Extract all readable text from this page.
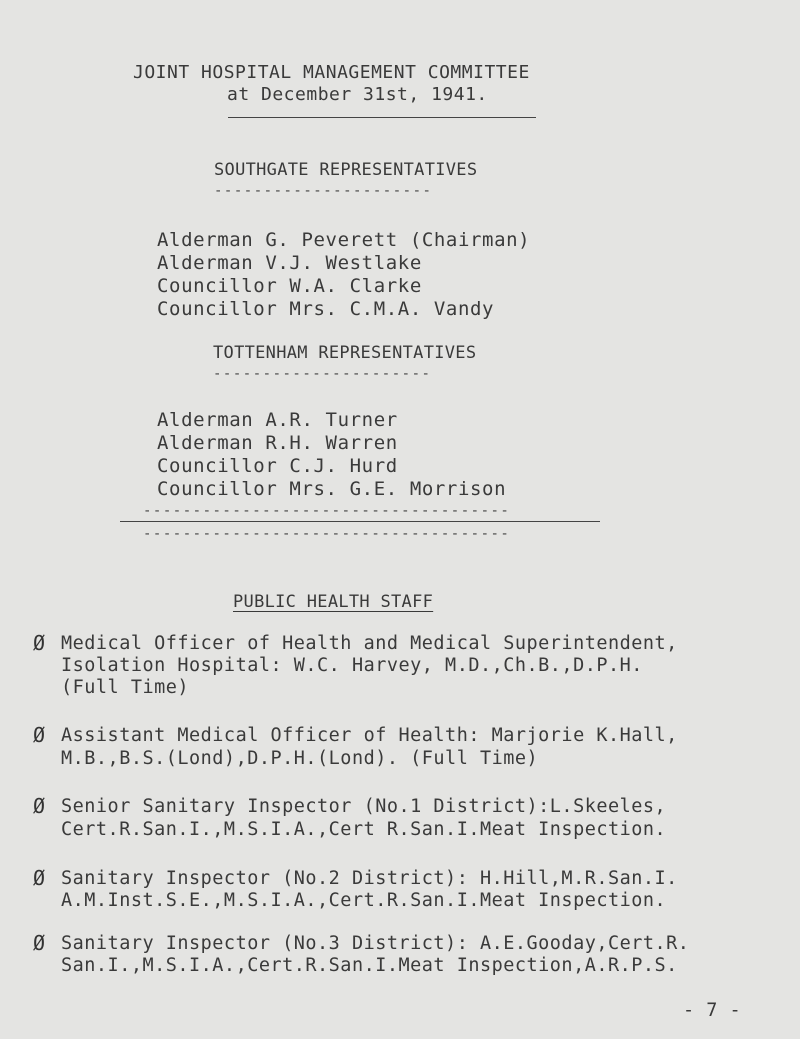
JOINT HOSPITAL MANAGEMENT COMMITTEE
at December 31st, 1941.
SOUTHGATE REPRESENTATIVES
----------------------
Alderman G. Peverett (Chairman)
Alderman V.J. Westlake
Councillor W.A. Clarke
Councillor Mrs. C.M.A. Vandy
TOTTENHAM REPRESENTATIVES
----------------------
Alderman A.R. Turner
Alderman R.H. Warren
Councillor C.J. Hurd
Councillor Mrs. G.E. Morrison
-------------------------------------
-------------------------------------
PUBLIC HEALTH STAFF
Ø Medical Officer of Health and Medical Superintendent,
Isolation Hospital: W.C. Harvey, M.D.,Ch.B.,D.P.H.
(Full Time)
Ø Assistant Medical Officer of Health: Marjorie K.Hall,
M.B.,B.S.(Lond),D.P.H.(Lond). (Full Time)
Ø Senior Sanitary Inspector (No.1 District):L.Skeeles,
Cert.R.San.I.,M.S.I.A.,Cert R.San.I.Meat Inspection.
Ø Sanitary Inspector (No.2 District): H.Hill,M.R.San.I.
A.M.Inst.S.E.,M.S.I.A.,Cert.R.San.I.Meat Inspection.
Ø Sanitary Inspector (No.3 District): A.E.Gooday,Cert.R.
San.I.,M.S.I.A.,Cert.R.San.I.Meat Inspection,A.R.P.S.
- 7 -
